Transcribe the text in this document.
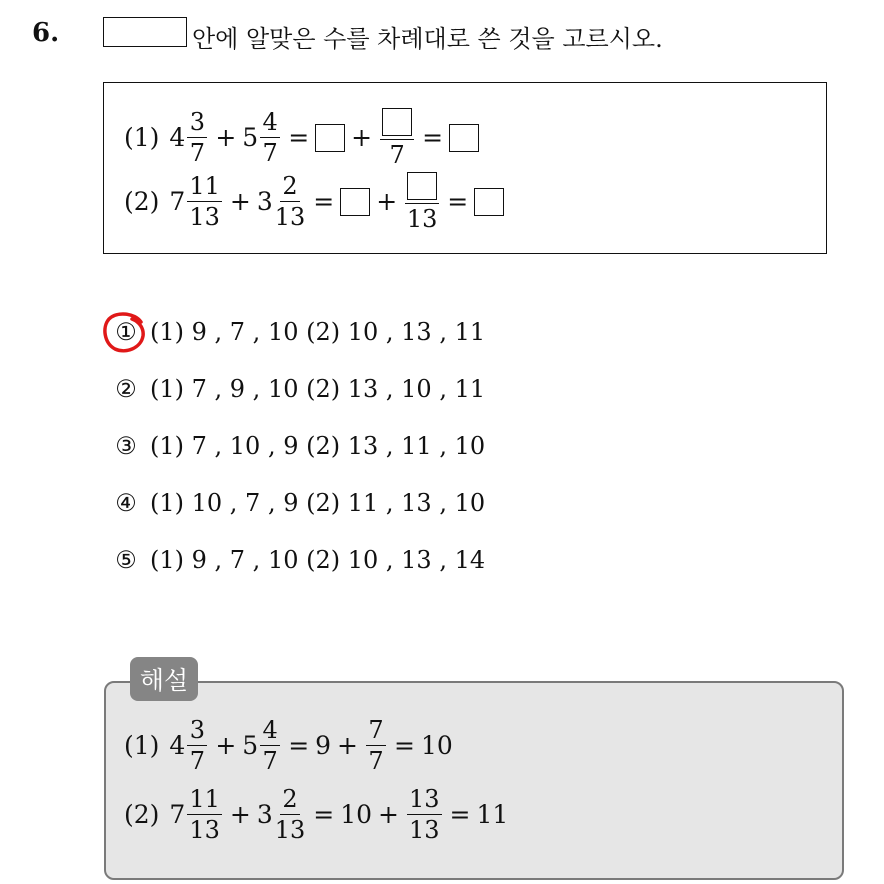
6.	안에 알맞은 수를 차례대로 쓴 것을 고르시오.
(1) $4 \frac{3}{7} + 5 \frac{4}{7}$ = +
7
=
(2) $7 \frac{11}{13} + 3 \frac{2}{13}$ = +
13
=
① (1) 9 , 7 , 10 (2) 10 , 13 , 11
② (1) 7 , 9 , 10 (2) 13 , 10 , 11
③ (1) 7 , 10 , 9 (2) 13 , 11 , 10
④ (1) 10 , 7 , 9 (2) 11 , 13 , 10
⑤ (1) 9 , 7 , 10 (2) 10 , 13 , 14
해설
(1) $4 \frac{3}{7} + 5 \frac{4}{7} = 9 + \frac{7}{7} = 10$
(2) $7 \frac{11}{13} + 3 \frac{2}{13} = 10 + \frac{13}{13} = 11$
